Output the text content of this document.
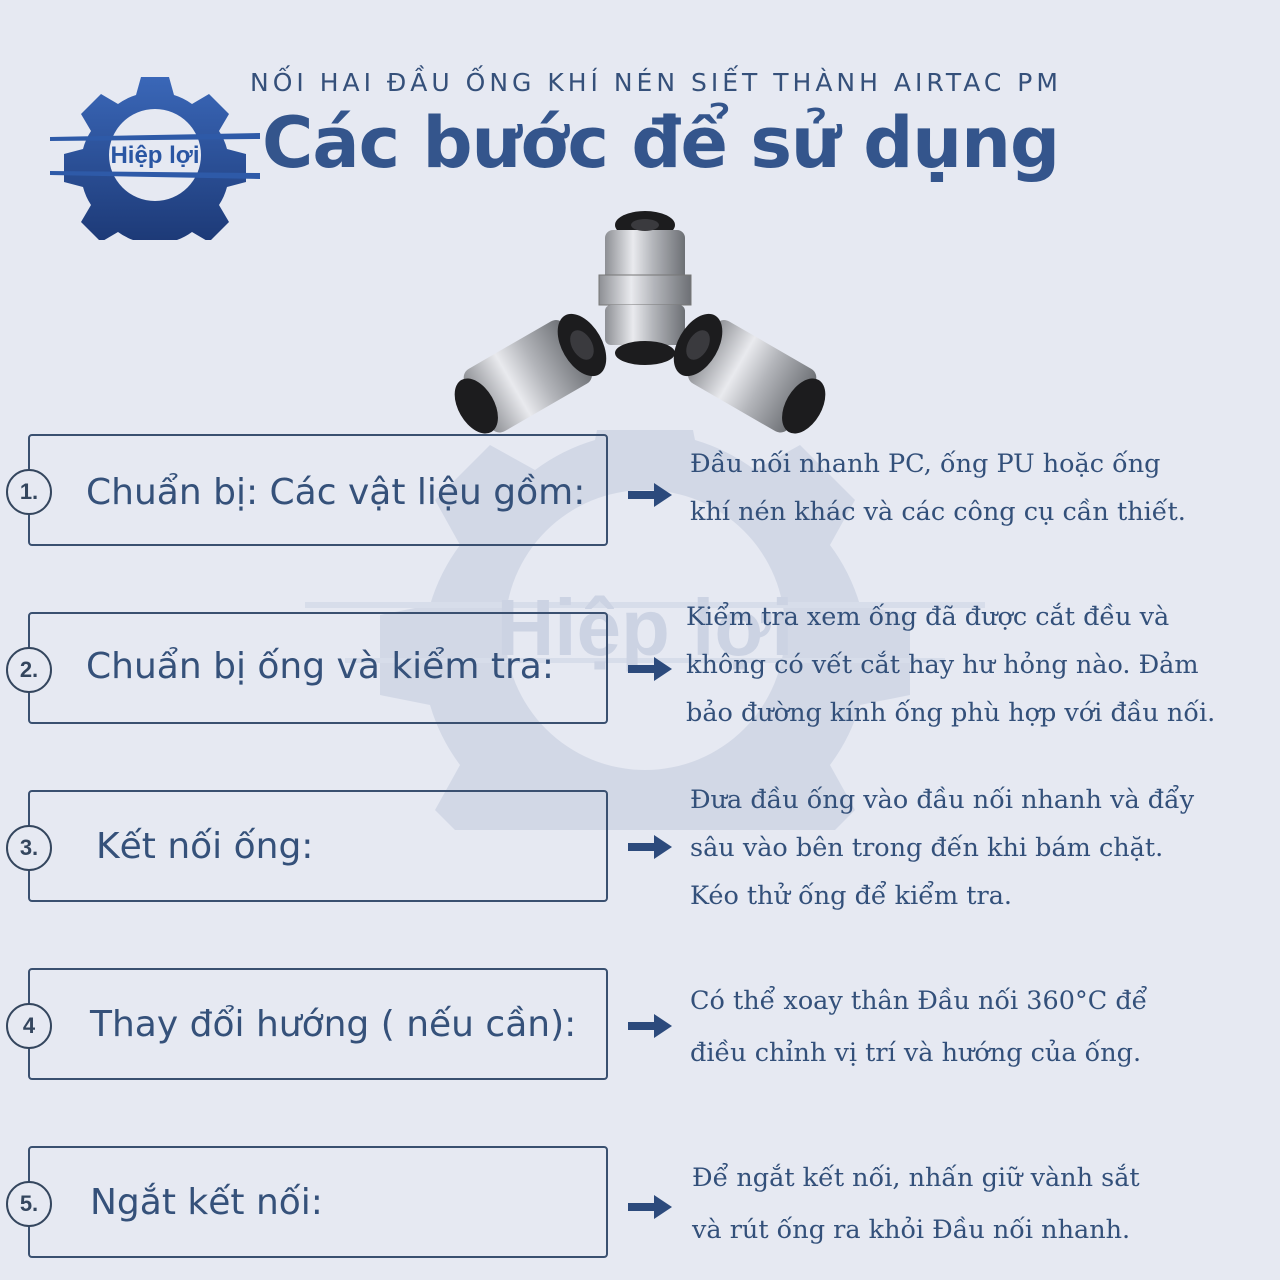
Hiệp lợi
Hiệp lợi
NỐI HAI ĐẦU ỐNG KHÍ NÉN SIẾT THÀNH AIRTAC PM
Các bước để sử dụng
1.	Chuẩn bị: Các vật liệu gồm:
Đầu nối nhanh PC, ống PU hoặc ống
khí nén khác và các công cụ cần thiết.
2.	Chuẩn bị ống và kiểm tra:
Kiểm tra xem ống đã được cắt đều và
không có vết cắt hay hư hỏng nào. Đảm
bảo đường kính ống phù hợp với đầu nối.
3.	Kết nối ống:
Đưa đầu ống vào đầu nối nhanh và đẩy
sâu vào bên trong đến khi bám chặt.
Kéo thử ống để kiểm tra.
4	Thay đổi hướng ( nếu cần):
Có thể xoay thân Đầu nối 360°C để
điều chỉnh vị trí và hướng của ống.
5.	Ngắt kết nối:
Để ngắt kết nối, nhấn giữ vành sắt
và rút ống ra khỏi Đầu nối nhanh.
